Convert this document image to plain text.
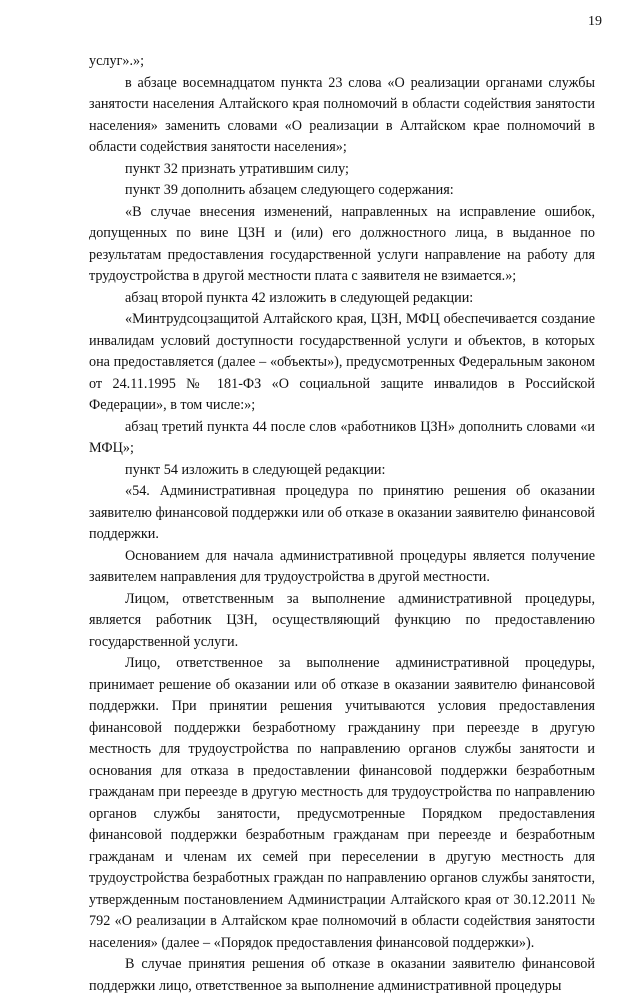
19

услуг».»;

в абзаце восемнадцатом пункта 23 слова «О реализации органами службы занятости населения Алтайского края полномочий в области содействия занятости населения» заменить словами «О реализации в Алтайском крае полномочий в области содействия занятости населения»;

пункт 32 признать утратившим силу;

пункт 39 дополнить абзацем следующего содержания:

«В случае внесения изменений, направленных на исправление ошибок, допущенных по вине ЦЗН и (или) его должностного лица, в выданное по результатам предоставления государственной услуги направление на работу для трудоустройства в другой местности плата с заявителя не взимается.»;

абзац второй пункта 42 изложить в следующей редакции:

«Минтрудсоцзащитой Алтайского края, ЦЗН, МФЦ обеспечивается создание инвалидам условий доступности государственной услуги и объектов, в которых она предоставляется (далее – «объекты»), предусмотренных Федеральным законом от 24.11.1995 № 181-ФЗ «О социальной защите инвалидов в Российской Федерации», в том числе:»;

абзац третий пункта 44 после слов «работников ЦЗН» дополнить словами «и МФЦ»;

пункт 54 изложить в следующей редакции:

«54. Административная процедура по принятию решения об оказании заявителю финансовой поддержки или об отказе в оказании заявителю финансовой поддержки.

Основанием для начала административной процедуры является получение заявителем направления для трудоустройства в другой местности.

Лицом, ответственным за выполнение административной процедуры, является работник ЦЗН, осуществляющий функцию по предоставлению государственной услуги.

Лицо, ответственное за выполнение административной процедуры, принимает решение об оказании или об отказе в оказании заявителю финансовой поддержки. При принятии решения учитываются условия предоставления финансовой поддержки безработному гражданину при переезде в другую местность для трудоустройства по направлению органов службы занятости и основания для отказа в предоставлении финансовой поддержки безработным гражданам при переезде в другую местность для трудоустройства по направлению органов службы занятости, предусмотренные Порядком предоставления финансовой поддержки безработным гражданам при переезде и безработным гражданам и членам их семей при переселении в другую местность для трудоустройства безработных граждан по направлению органов службы занятости, утвержденным постановлением Администрации Алтайского края от 30.12.2011 № 792 «О реализации в Алтайском крае полномочий в области содействия занятости населения» (далее – «Порядок предоставления финансовой поддержки»).

В случае принятия решения об отказе в оказании заявителю финансовой поддержки лицо, ответственное за выполнение административной процедуры
